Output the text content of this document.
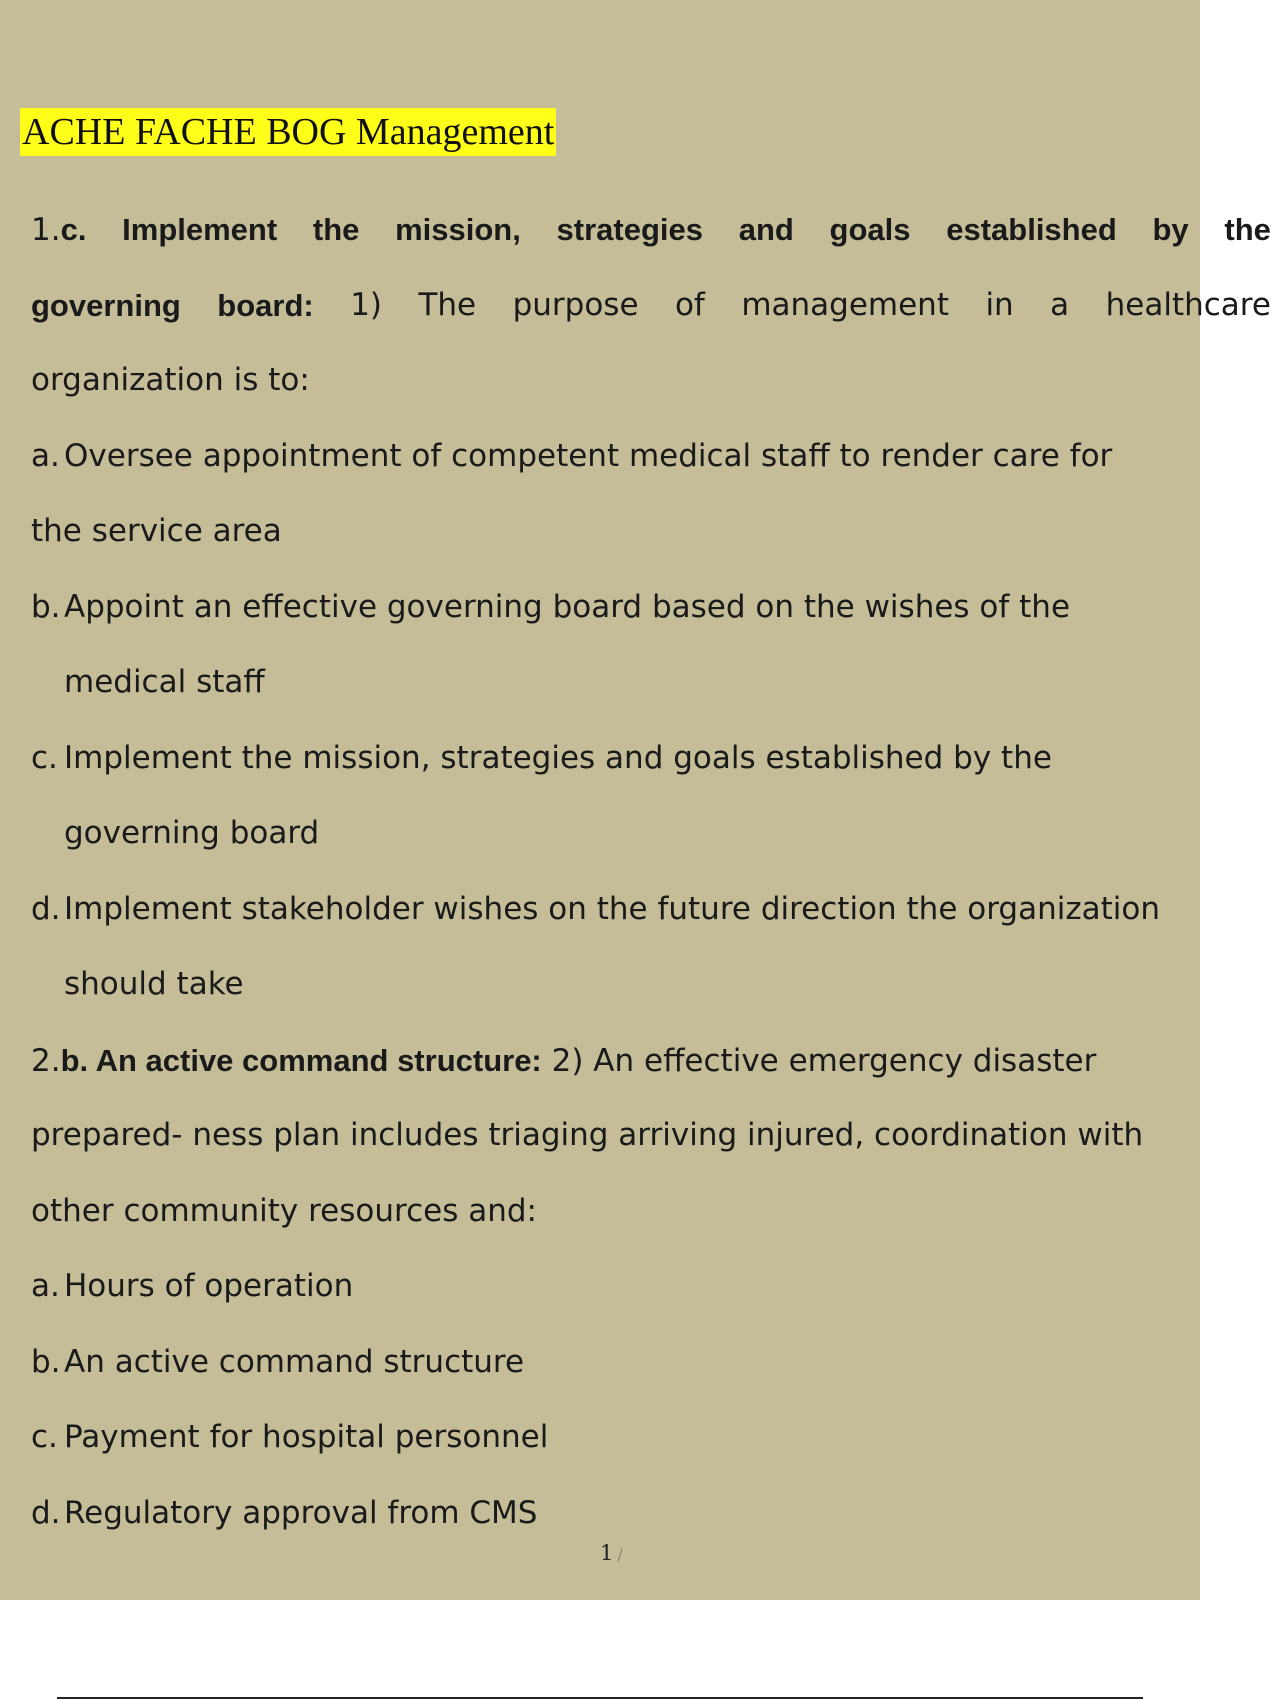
ACHE FACHE BOG Management
1.c. Implement the mission, strategies and goals established by the
governing board: 1) The purpose of management in a healthcare
organization is to:
a. Oversee appointment of competent medical staff to render care for
the service area
b. Appoint an effective governing board based on the wishes of the
medical staff
c. Implement the mission, strategies and goals established by the
governing board
d. Implement stakeholder wishes on the future direction the organization
should take
2.b. An active command structure: 2) An effective emergency disaster
prepared- ness plan includes triaging arriving injured, coordination with
other community resources and:
a. Hours of operation
b. An active command structure
c. Payment for hospital personnel
d. Regulatory approval from CMS
1 /
